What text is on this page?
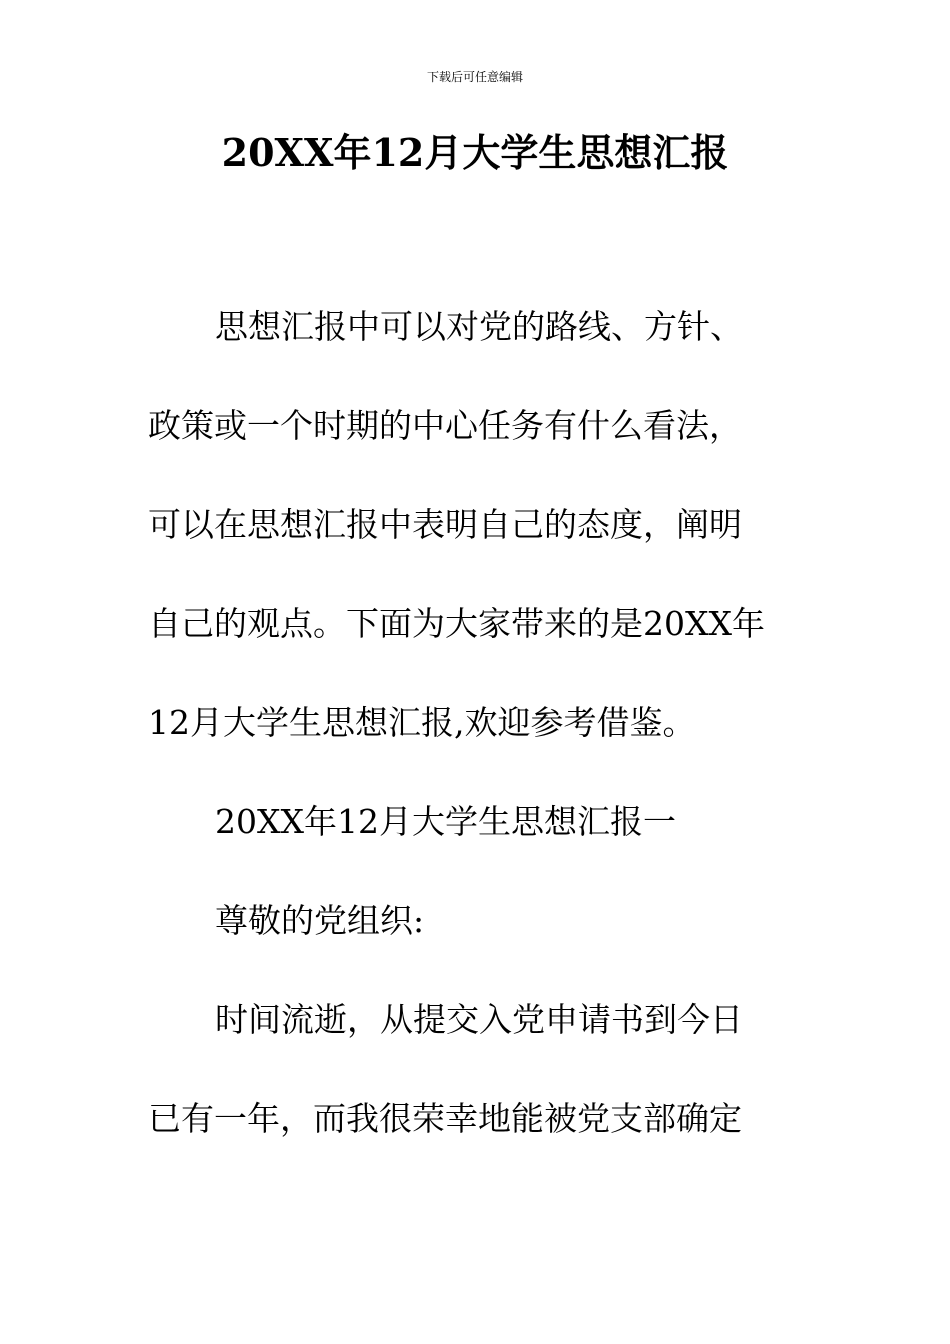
下载后可任意编辑
20XX年12月大学生思想汇报

思想汇报中可以对党的路线、方针、

政策或一个时期的中心任务有什么看法，

可以在思想汇报中表明自己的态度，阐明

自己的观点。下面为大家带来的是20XX年

12月大学生思想汇报,欢迎参考借鉴。

20XX年12月大学生思想汇报一

尊敬的党组织:

时间流逝，从提交入党申请书到今日

已有一年，而我很荣幸地能被党支部确定
